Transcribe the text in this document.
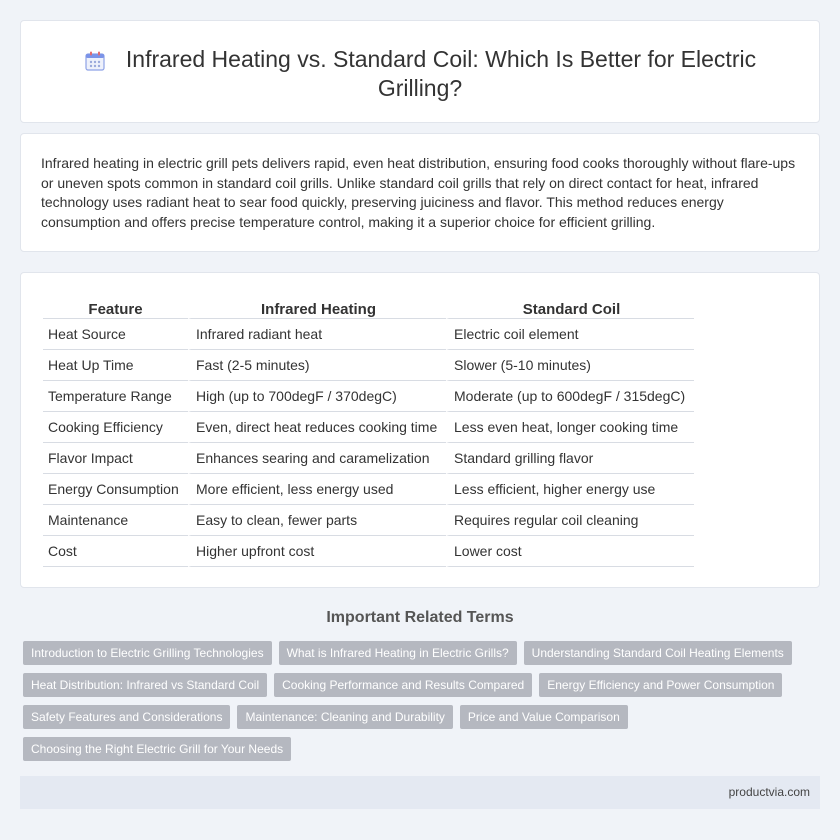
Infrared Heating vs. Standard Coil: Which Is Better for Electric Grilling?

Infrared heating in electric grill pets delivers rapid, even heat distribution, ensuring food cooks thoroughly without flare-ups or uneven spots common in standard coil grills. Unlike standard coil grills that rely on direct contact for heat, infrared technology uses radiant heat to sear food quickly, preserving juiciness and flavor. This method reduces energy consumption and offers precise temperature control, making it a superior choice for efficient grilling.

Feature	Infrared Heating	Standard Coil
Heat Source	Infrared radiant heat	Electric coil element
Heat Up Time	Fast (2-5 minutes)	Slower (5-10 minutes)
Temperature Range	High (up to 700degF / 370degC)	Moderate (up to 600degF / 315degC)
Cooking Efficiency	Even, direct heat reduces cooking time	Less even heat, longer cooking time
Flavor Impact	Enhances searing and caramelization	Standard grilling flavor
Energy Consumption	More efficient, less energy used	Less efficient, higher energy use
Maintenance	Easy to clean, fewer parts	Requires regular coil cleaning
Cost	Higher upfront cost	Lower cost
Important Related Terms
Introduction to Electric Grilling Technologies	What is Infrared Heating in Electric Grills?	Understanding Standard Coil Heating Elements
Heat Distribution: Infrared vs Standard Coil	Cooking Performance and Results Compared	Energy Efficiency and Power Consumption
Safety Features and Considerations	Maintenance: Cleaning and Durability	Price and Value Comparison
Choosing the Right Electric Grill for Your Needs
productvia.com
